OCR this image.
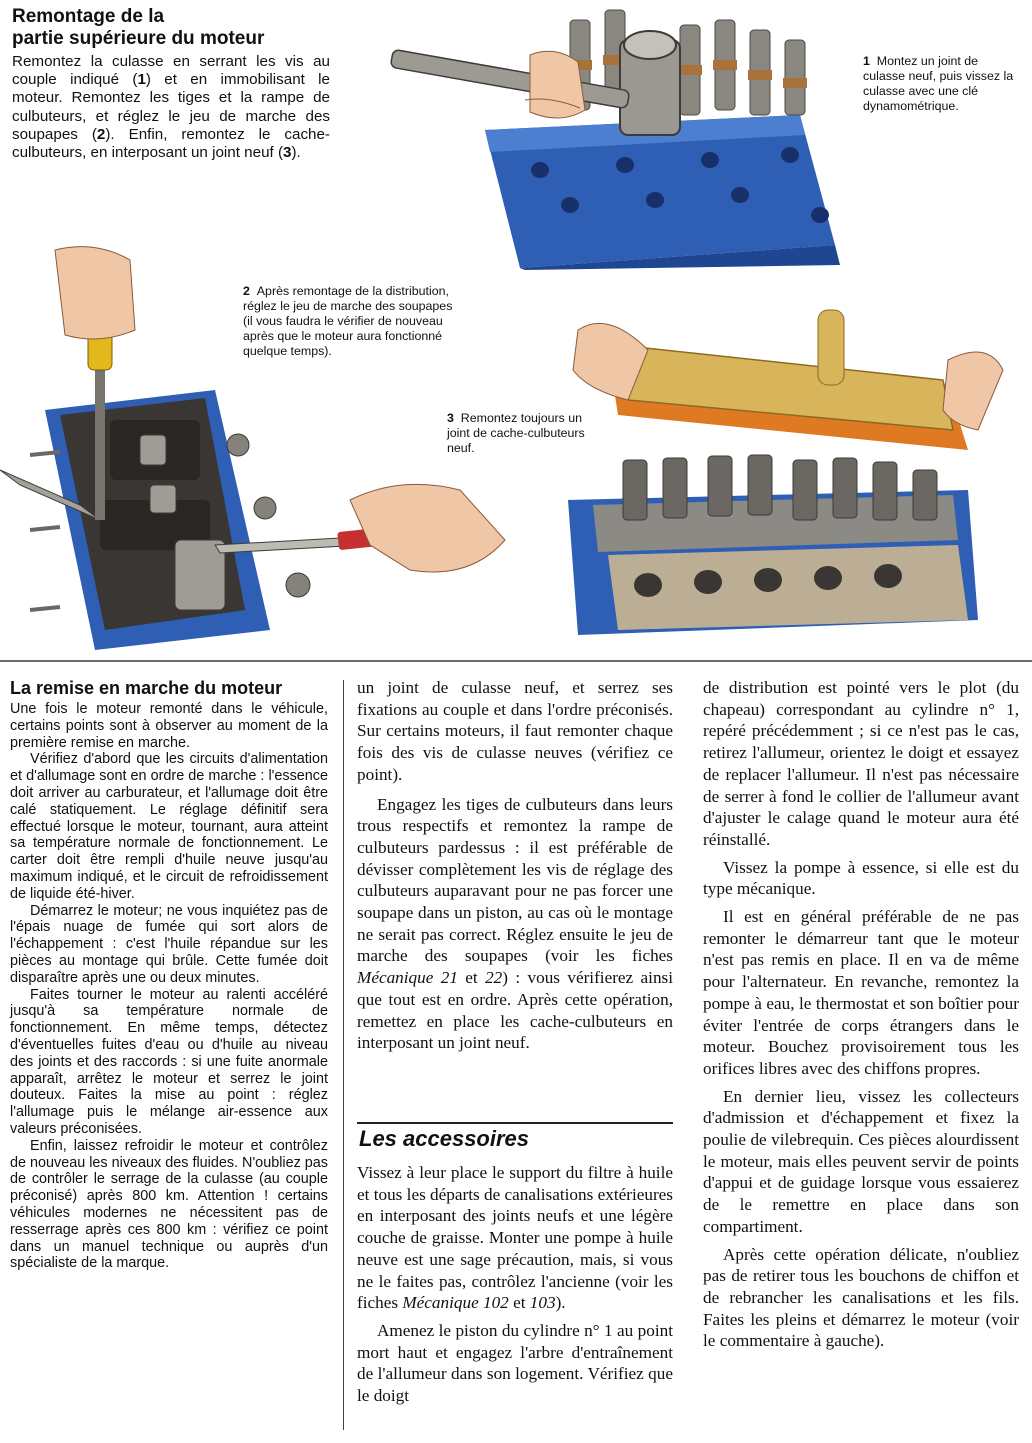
Remontage de la
partie supérieure du moteur
Remontez la culasse en serrant les vis au couple indiqué (1) et en immobilisant le moteur. Remontez les tiges et la rampe de culbuteurs, et réglez le jeu de marche des soupapes (2). Enfin, remontez le cache-culbuteurs, en interposant un joint neuf (3).
1 Montez un joint de culasse neuf, puis vissez la culasse avec une clé dynamométrique.
2 Après remontage de la distribution, réglez le jeu de marche des soupapes (il vous faudra le vérifier de nouveau après que le moteur aura fonctionné quelque temps).
3 Remontez toujours un joint de cache-culbuteurs neuf.
La remise en marche du moteur

Une fois le moteur remonté dans le véhicule, certains points sont à observer au moment de la première remise en marche.

Vérifiez d'abord que les circuits d'alimentation et d'allumage sont en ordre de marche : l'essence doit arriver au carburateur, et l'allumage doit être calé statiquement. Le réglage définitif sera effectué lorsque le moteur, tournant, aura atteint sa température normale de fonctionnement. Le carter doit être rempli d'huile neuve jusqu'au maximum indiqué, et le circuit de refroidissement de liquide été-hiver.

Démarrez le moteur; ne vous inquiétez pas de l'épais nuage de fumée qui sort alors de l'échappement : c'est l'huile répandue sur les pièces au montage qui brûle. Cette fumée doit disparaître après une ou deux minutes.

Faites tourner le moteur au ralenti accéléré jusqu'à sa température normale de fonctionnement. En même temps, détectez d'éventuelles fuites d'eau ou d'huile au niveau des joints et des raccords : si une fuite anormale apparaît, arrêtez le moteur et serrez le joint douteux. Faites la mise au point : réglez l'allumage puis le mélange air-essence aux valeurs préconisées.

Enfin, laissez refroidir le moteur et contrôlez de nouveau les niveaux des fluides. N'oubliez pas de contrôler le serrage de la culasse (au couple préconisé) après 800 km. Attention ! certains véhicules modernes ne nécessitent pas de resserrage après ces 800 km : vérifiez ce point dans un manuel technique ou auprès d'un spécialiste de la marque.

un joint de culasse neuf, et serrez ses fixations au couple et dans l'ordre préconisés. Sur certains moteurs, il faut remonter chaque fois des vis de culasse neuves (vérifiez ce point).

Engagez les tiges de culbuteurs dans leurs trous respectifs et remontez la rampe de culbuteurs pardessus : il est préférable de dévisser complètement les vis de réglage des culbuteurs auparavant pour ne pas forcer une soupape dans un piston, au cas où le montage ne serait pas correct. Réglez ensuite le jeu de marche des soupapes (voir les fiches Mécanique 21 et 22) : vous vérifierez ainsi que tout est en ordre. Après cette opération, remettez en place les cache-culbuteurs en interposant un joint neuf.

Les accessoires

Vissez à leur place le support du filtre à huile et tous les départs de canalisations extérieures en interposant des joints neufs et une légère couche de graisse. Monter une pompe à huile neuve est une sage précaution, mais, si vous ne le faites pas, contrôlez l'ancienne (voir les fiches Mécanique 102 et 103).

Amenez le piston du cylindre n° 1 au point mort haut et engagez l'arbre d'entraînement de l'allumeur dans son logement. Vérifiez que le doigt

de distribution est pointé vers le plot (du chapeau) correspondant au cylindre n° 1, repéré précédemment ; si ce n'est pas le cas, retirez l'allumeur, orientez le doigt et essayez de replacer l'allumeur. Il n'est pas nécessaire de serrer à fond le collier de l'allumeur avant d'ajuster le calage quand le moteur aura été réinstallé.

Vissez la pompe à essence, si elle est du type mécanique.

Il est en général préférable de ne pas remonter le démarreur tant que le moteur n'est pas remis en place. Il en va de même pour l'alternateur. En revanche, remontez la pompe à eau, le thermostat et son boîtier pour éviter l'entrée de corps étrangers dans le moteur. Bouchez provisoirement tous les orifices libres avec des chiffons propres.

En dernier lieu, vissez les collecteurs d'admission et d'échappement et fixez la poulie de vilebrequin. Ces pièces alourdissent le moteur, mais elles peuvent servir de points d'appui et de guidage lorsque vous essaierez de le remettre en place dans son compartiment.

Après cette opération délicate, n'oubliez pas de retirer tous les bouchons de chiffon et de rebrancher les canalisations et les fils. Faites les pleins et démarrez le moteur (voir le commentaire à gauche).
